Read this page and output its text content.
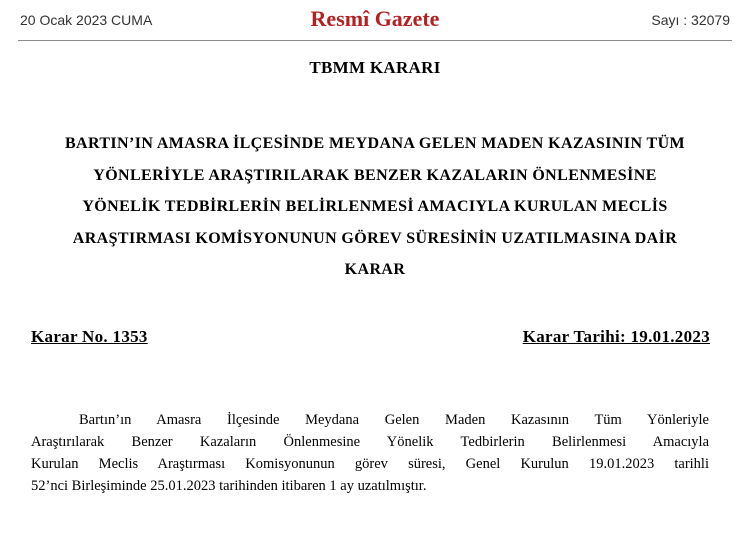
20 Ocak 2023 CUMA	Resmî Gazete	Sayı : 32079
TBMM KARARI
BARTIN’IN AMASRA İLÇESİNDE MEYDANA GELEN MADEN KAZASININ TÜM
YÖNLERİYLE ARAŞTIRILARAK BENZER KAZALARIN ÖNLENMESİNE
YÖNELİK TEDBİRLERİN BELİRLENMESİ AMACIYLA KURULAN MECLİS
ARAŞTIRMASI KOMİSYONUNUN GÖREV SÜRESİNİN UZATILMASINA DAİR
KARAR
Karar No. 1353	Karar Tarihi: 19.01.2023
Bartın’ın Amasra İlçesinde Meydana Gelen Maden Kazasının Tüm Yönleriyle
Araştırılarak Benzer Kazaların Önlenmesine Yönelik Tedbirlerin Belirlenmesi Amacıyla
Kurulan Meclis Araştırması Komisyonunun görev süresi, Genel Kurulun 19.01.2023 tarihli
52’nci Birleşiminde 25.01.2023 tarihinden itibaren 1 ay uzatılmıştır.
